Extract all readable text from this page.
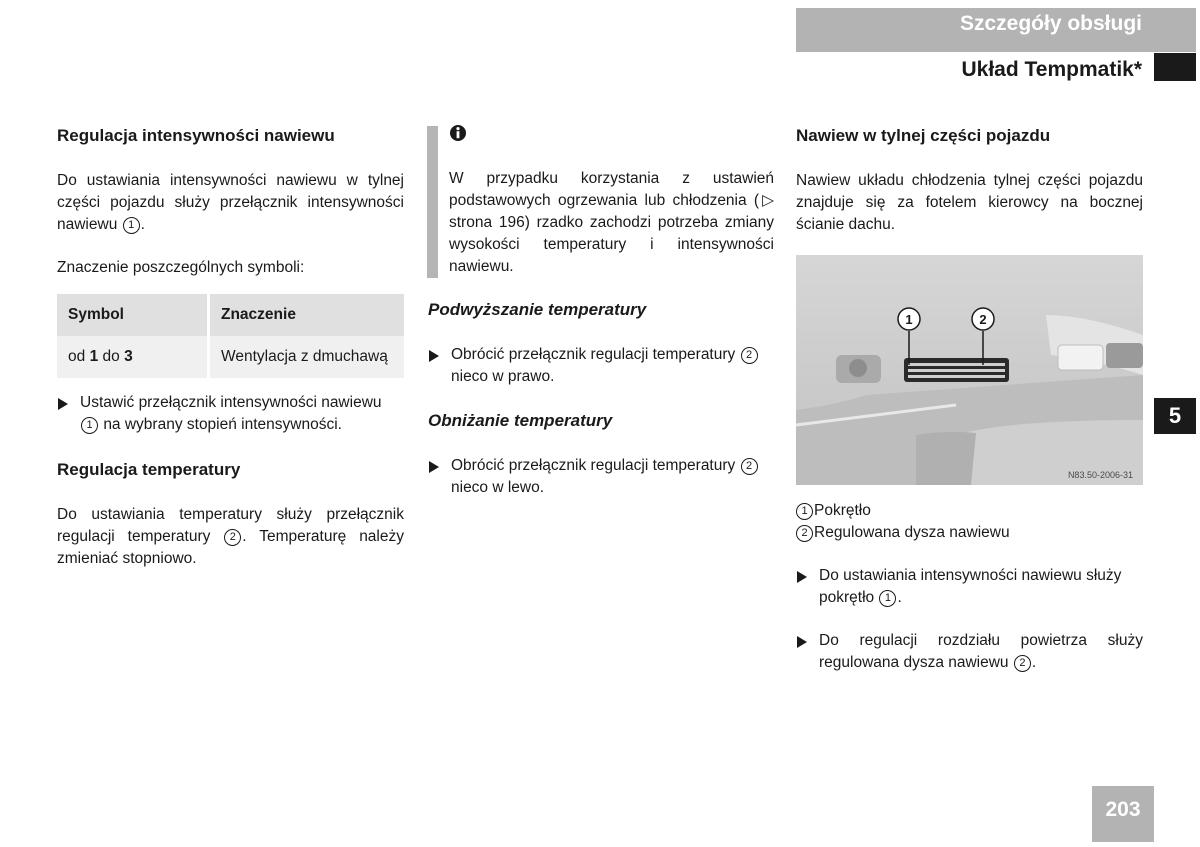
Szczegóły obsługi
Układ Tempmatik*

Regulacja intensywności nawiewu

Do ustawiania intensywności nawiewu w tylnej części pojazdu służy przełącznik intensywności nawiewu 1 .

Znaczenie poszczególnych symboli:

Symbol	Znaczenie
od 1 do 3	Wentylacja z dmuchawą

Ustawić przełącznik intensywności nawiewu
1 na wybrany stopień intensywności.

Regulacja temperatury

Do ustawiania temperatury służy przełącznik regulacji temperatury 2 . Temperaturę należy zmieniać stopniowo.

W przypadku korzystania z ustawień podstawowych ogrzewania lub chłodzenia (▷ strona 196) rzadko zachodzi potrzeba zmiany wysokości temperatury i intensywności nawiewu.

Podwyższanie temperatury

Obrócić przełącznik regulacji temperatury 2
nieco w prawo.

Obniżanie temperatury

Obrócić przełącznik regulacji temperatury 2
nieco w lewo.

Nawiew w tylnej części pojazdu

Nawiew układu chłodzenia tylnej części pojazdu znajduje się za fotelem kierowcy na bocznej ścianie dachu.

1	2
N83.50-2006-31

1 Pokrętło

2 Regulowana dysza nawiewu

Do ustawiania intensywności nawiewu służy pokrętło 1 .

Do regulacji rozdziału powietrza służy regulowana dysza nawiewu 2 .

5
203
